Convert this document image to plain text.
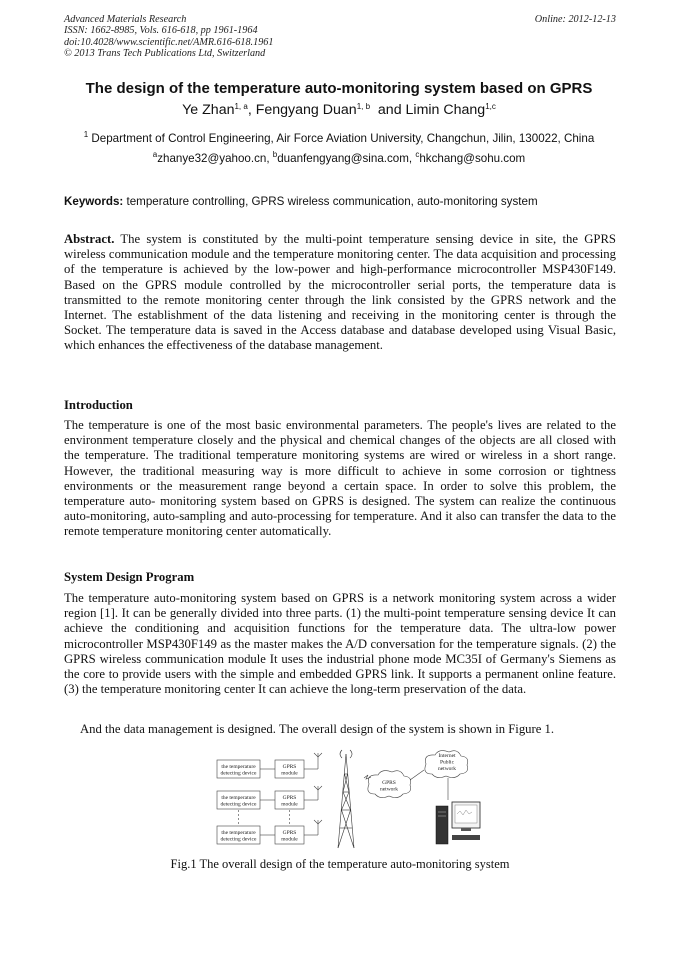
Advanced Materials Research
ISSN: 1662-8985, Vols. 616-618, pp 1961-1964
doi:10.4028/www.scientific.net/AMR.616-618.1961
© 2013 Trans Tech Publications Ltd, Switzerland
Online: 2012-12-13
The design of the temperature auto-monitoring system based on GPRS
Ye Zhan$^{1, a}$, Fengyang Duan$^{1, b}$  and Limin Chang$^{1,c}$
$^1$ Department of Control Engineering, Air Force Aviation University, Changchun, Jilin, 130022, China
$^a$zhanye32@yahoo.cn, $^b$duanfengyang@sina.com, $^c$hkchang@sohu.com
Keywords: temperature controlling, GPRS wireless communication, auto-monitoring system
Abstract. The system is constituted by the multi-point temperature sensing device in site, the GPRS wireless communication module and the temperature monitoring center. The data acquisition and processing of the temperature is achieved by the low-power and high-performance microcontroller MSP430F149. Based on the GPRS module controlled by the microcontroller serial ports, the temperature data is transmitted to the remote monitoring center through the link consisted by the GPRS network and the Internet. The establishment of the data listening and receiving in the monitoring center is through the Socket. The temperature data is saved in the Access database and database developed using Visual Basic, which enhances the effectiveness of the database management.
Introduction
The temperature is one of the most basic environmental parameters. The people's lives are related to the environment temperature closely and the physical and chemical changes of the objects are all closed with the temperature. The traditional temperature monitoring systems are wired or wireless in a short range. However, the traditional measuring way is more difficult to achieve in some corrosion or tightness environments or the measurement range beyond a certain space. In order to solve this problem, the temperature auto- monitoring system based on GPRS is designed. The system can realize the continuous auto-monitoring, auto-sampling and auto-processing for temperature. And it also can transfer the data to the remote temperature monitoring center automatically.
System Design Program
The temperature auto-monitoring system based on GPRS is a network monitoring system across a wider region [1]. It can be generally divided into three parts. (1) the multi-point temperature sensing device It can achieve the conditioning and acquisition functions for the temperature data. The ultra-low power microcontroller MSP430F149 as the master makes the A/D conversation for the temperature signals. (2) the GPRS wireless communication module It uses the industrial phone mode MC35I of Germany's Siemens as the core to provide users with the simple and embedded GPRS link. It supports a permanent online feature. (3) the temperature monitoring center It can achieve the long-term preservation of the data.
And the data management is designed. The overall design of the system is shown in Figure 1.
the temperature
detecting device
the temperature
detecting device
the temperature
detecting device
GPRS
module
GPRS
module
GPRS
module
GPRS
network
Internet
Public
network
Fig.1 The overall design of the temperature auto-monitoring system
